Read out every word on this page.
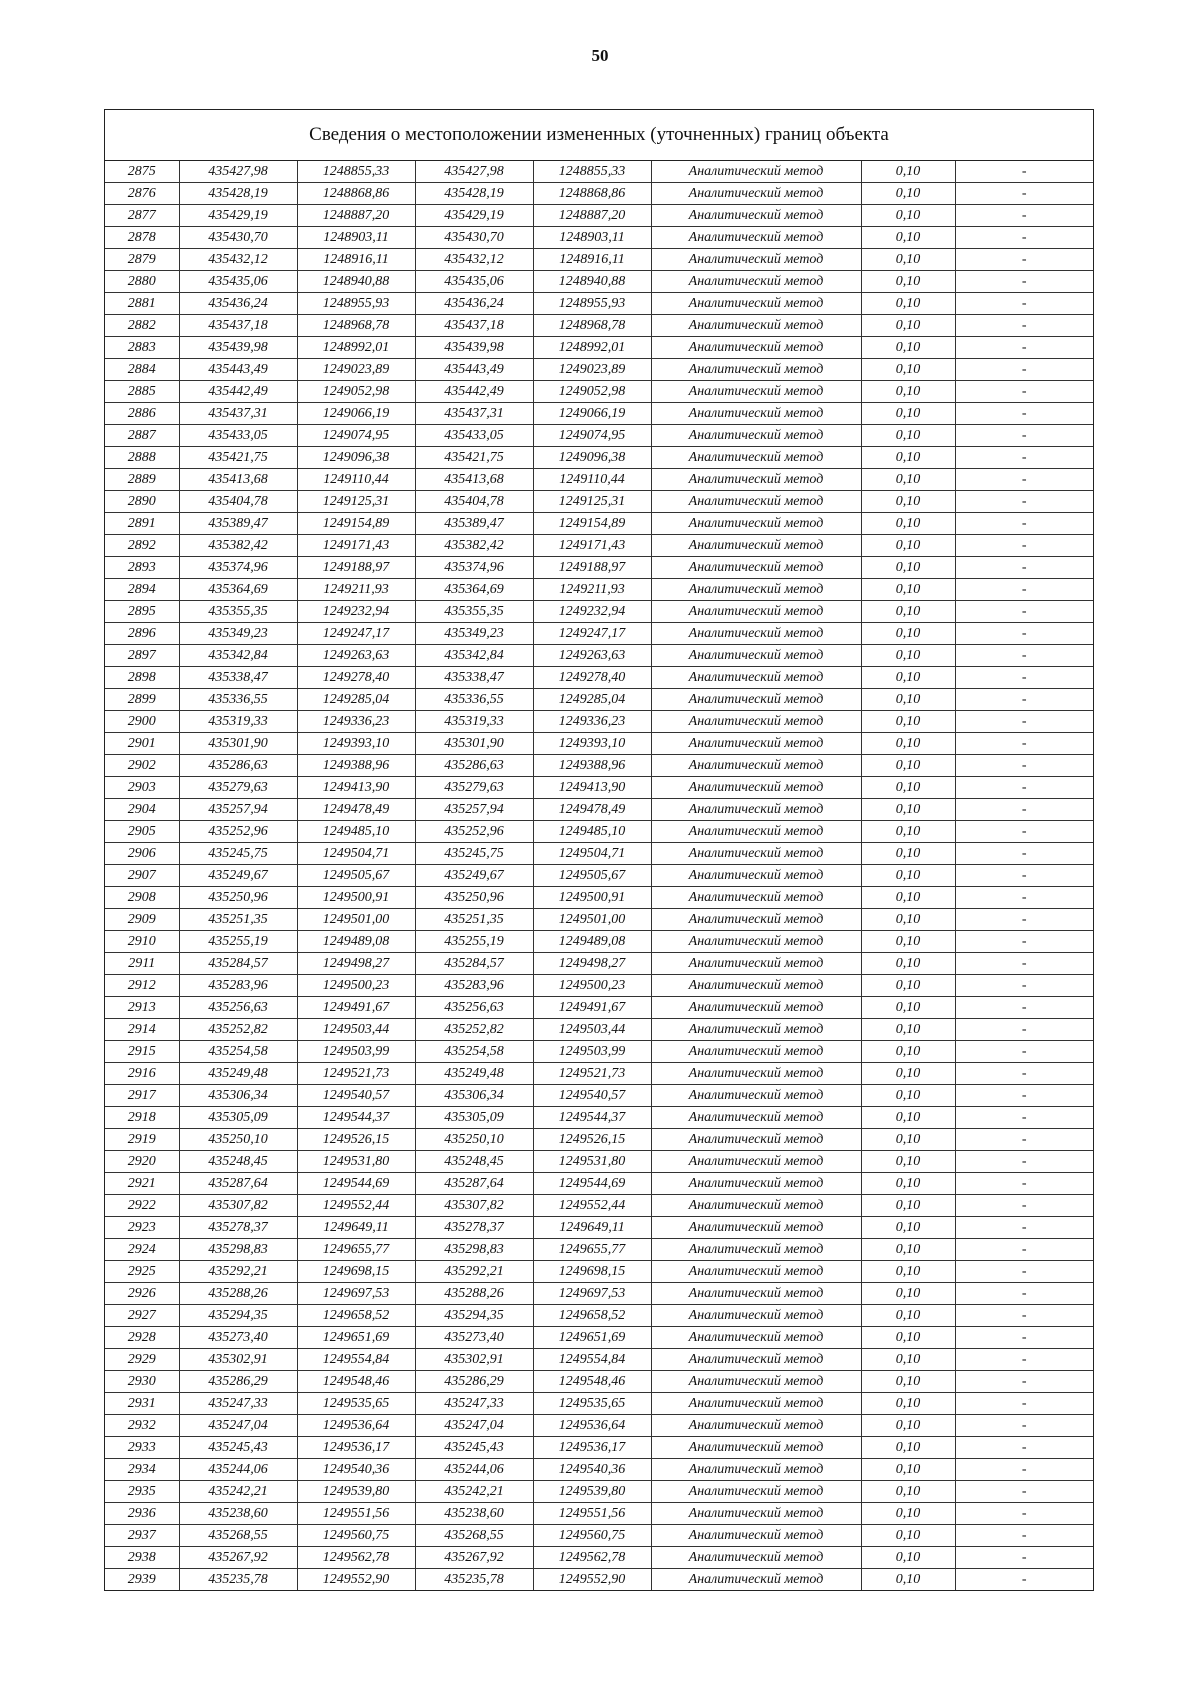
50
Сведения о местоположении измененных (уточненных) границ объекта
2875	435427,98	1248855,33	435427,98	1248855,33	Аналитический метод	0,10	-
2876	435428,19	1248868,86	435428,19	1248868,86	Аналитический метод	0,10	-
2877	435429,19	1248887,20	435429,19	1248887,20	Аналитический метод	0,10	-
2878	435430,70	1248903,11	435430,70	1248903,11	Аналитический метод	0,10	-
2879	435432,12	1248916,11	435432,12	1248916,11	Аналитический метод	0,10	-
2880	435435,06	1248940,88	435435,06	1248940,88	Аналитический метод	0,10	-
2881	435436,24	1248955,93	435436,24	1248955,93	Аналитический метод	0,10	-
2882	435437,18	1248968,78	435437,18	1248968,78	Аналитический метод	0,10	-
2883	435439,98	1248992,01	435439,98	1248992,01	Аналитический метод	0,10	-
2884	435443,49	1249023,89	435443,49	1249023,89	Аналитический метод	0,10	-
2885	435442,49	1249052,98	435442,49	1249052,98	Аналитический метод	0,10	-
2886	435437,31	1249066,19	435437,31	1249066,19	Аналитический метод	0,10	-
2887	435433,05	1249074,95	435433,05	1249074,95	Аналитический метод	0,10	-
2888	435421,75	1249096,38	435421,75	1249096,38	Аналитический метод	0,10	-
2889	435413,68	1249110,44	435413,68	1249110,44	Аналитический метод	0,10	-
2890	435404,78	1249125,31	435404,78	1249125,31	Аналитический метод	0,10	-
2891	435389,47	1249154,89	435389,47	1249154,89	Аналитический метод	0,10	-
2892	435382,42	1249171,43	435382,42	1249171,43	Аналитический метод	0,10	-
2893	435374,96	1249188,97	435374,96	1249188,97	Аналитический метод	0,10	-
2894	435364,69	1249211,93	435364,69	1249211,93	Аналитический метод	0,10	-
2895	435355,35	1249232,94	435355,35	1249232,94	Аналитический метод	0,10	-
2896	435349,23	1249247,17	435349,23	1249247,17	Аналитический метод	0,10	-
2897	435342,84	1249263,63	435342,84	1249263,63	Аналитический метод	0,10	-
2898	435338,47	1249278,40	435338,47	1249278,40	Аналитический метод	0,10	-
2899	435336,55	1249285,04	435336,55	1249285,04	Аналитический метод	0,10	-
2900	435319,33	1249336,23	435319,33	1249336,23	Аналитический метод	0,10	-
2901	435301,90	1249393,10	435301,90	1249393,10	Аналитический метод	0,10	-
2902	435286,63	1249388,96	435286,63	1249388,96	Аналитический метод	0,10	-
2903	435279,63	1249413,90	435279,63	1249413,90	Аналитический метод	0,10	-
2904	435257,94	1249478,49	435257,94	1249478,49	Аналитический метод	0,10	-
2905	435252,96	1249485,10	435252,96	1249485,10	Аналитический метод	0,10	-
2906	435245,75	1249504,71	435245,75	1249504,71	Аналитический метод	0,10	-
2907	435249,67	1249505,67	435249,67	1249505,67	Аналитический метод	0,10	-
2908	435250,96	1249500,91	435250,96	1249500,91	Аналитический метод	0,10	-
2909	435251,35	1249501,00	435251,35	1249501,00	Аналитический метод	0,10	-
2910	435255,19	1249489,08	435255,19	1249489,08	Аналитический метод	0,10	-
2911	435284,57	1249498,27	435284,57	1249498,27	Аналитический метод	0,10	-
2912	435283,96	1249500,23	435283,96	1249500,23	Аналитический метод	0,10	-
2913	435256,63	1249491,67	435256,63	1249491,67	Аналитический метод	0,10	-
2914	435252,82	1249503,44	435252,82	1249503,44	Аналитический метод	0,10	-
2915	435254,58	1249503,99	435254,58	1249503,99	Аналитический метод	0,10	-
2916	435249,48	1249521,73	435249,48	1249521,73	Аналитический метод	0,10	-
2917	435306,34	1249540,57	435306,34	1249540,57	Аналитический метод	0,10	-
2918	435305,09	1249544,37	435305,09	1249544,37	Аналитический метод	0,10	-
2919	435250,10	1249526,15	435250,10	1249526,15	Аналитический метод	0,10	-
2920	435248,45	1249531,80	435248,45	1249531,80	Аналитический метод	0,10	-
2921	435287,64	1249544,69	435287,64	1249544,69	Аналитический метод	0,10	-
2922	435307,82	1249552,44	435307,82	1249552,44	Аналитический метод	0,10	-
2923	435278,37	1249649,11	435278,37	1249649,11	Аналитический метод	0,10	-
2924	435298,83	1249655,77	435298,83	1249655,77	Аналитический метод	0,10	-
2925	435292,21	1249698,15	435292,21	1249698,15	Аналитический метод	0,10	-
2926	435288,26	1249697,53	435288,26	1249697,53	Аналитический метод	0,10	-
2927	435294,35	1249658,52	435294,35	1249658,52	Аналитический метод	0,10	-
2928	435273,40	1249651,69	435273,40	1249651,69	Аналитический метод	0,10	-
2929	435302,91	1249554,84	435302,91	1249554,84	Аналитический метод	0,10	-
2930	435286,29	1249548,46	435286,29	1249548,46	Аналитический метод	0,10	-
2931	435247,33	1249535,65	435247,33	1249535,65	Аналитический метод	0,10	-
2932	435247,04	1249536,64	435247,04	1249536,64	Аналитический метод	0,10	-
2933	435245,43	1249536,17	435245,43	1249536,17	Аналитический метод	0,10	-
2934	435244,06	1249540,36	435244,06	1249540,36	Аналитический метод	0,10	-
2935	435242,21	1249539,80	435242,21	1249539,80	Аналитический метод	0,10	-
2936	435238,60	1249551,56	435238,60	1249551,56	Аналитический метод	0,10	-
2937	435268,55	1249560,75	435268,55	1249560,75	Аналитический метод	0,10	-
2938	435267,92	1249562,78	435267,92	1249562,78	Аналитический метод	0,10	-
2939	435235,78	1249552,90	435235,78	1249552,90	Аналитический метод	0,10	-
